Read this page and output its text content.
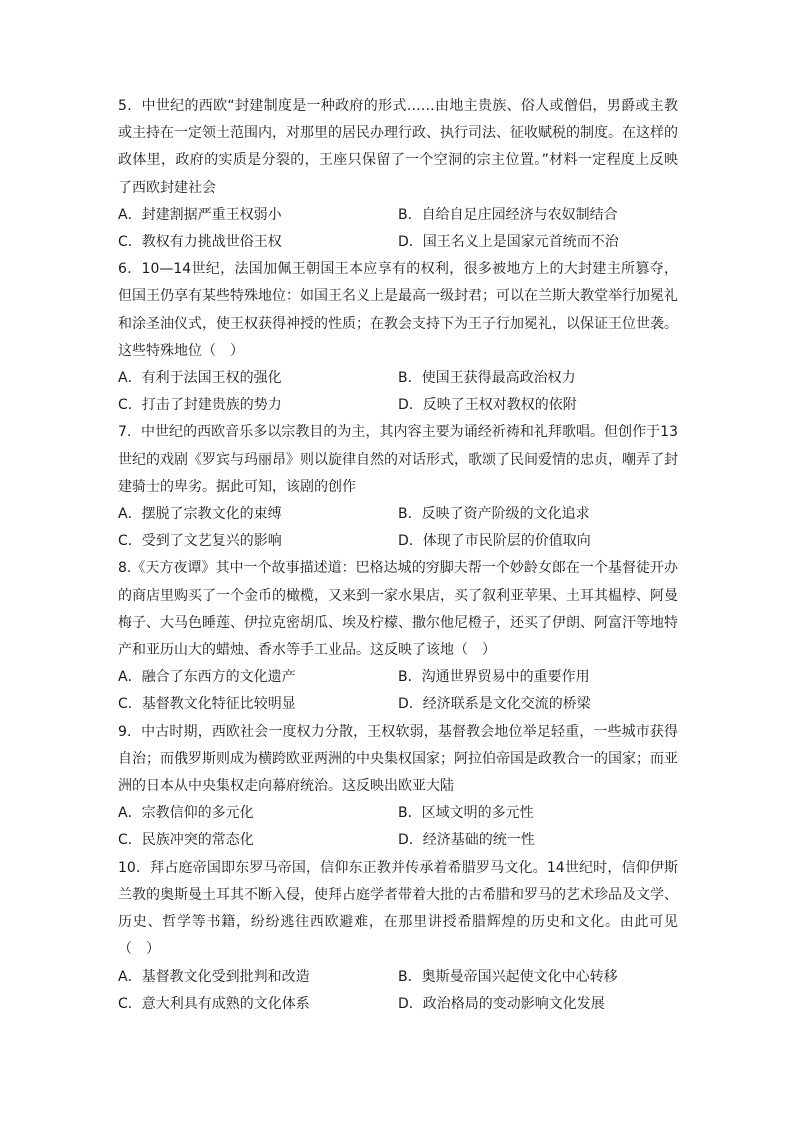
5．中世纪的西欧“封建制度是一种政府的形式……由地主贵族、俗人或僧侣，男爵或主教或主持在一定领土范围内，对那里的居民办理行政、执行司法、征收赋税的制度。在这样的政体里，政府的实质是分裂的，王座只保留了一个空洞的宗主位置。”材料一定程度上反映了西欧封建社会

A．封建割据严重王权弱小	B．自给自足庄园经济与农奴制结合
C．教权有力挑战世俗王权	D．国王名义上是国家元首统而不治

6．10—14世纪，法国加佩王朝国王本应享有的权利，很多被地方上的大封建主所篡夺，但国王仍享有某些特殊地位：如国王名义上是最高一级封君；可以在兰斯大教堂举行加冕礼和涂圣油仪式，使王权获得神授的性质；在教会支持下为王子行加冕礼，以保证王位世袭。这些特殊地位（　）

A．有利于法国王权的强化	B．使国王获得最高政治权力
C．打击了封建贵族的势力	D．反映了王权对教权的依附

7．中世纪的西欧音乐多以宗教目的为主，其内容主要为诵经祈祷和礼拜歌唱。但创作于13世纪的戏剧《罗宾与玛丽昂》则以旋律自然的对话形式，歌颂了民间爱情的忠贞，嘲弄了封建骑士的卑劣。据此可知，该剧的创作

A．摆脱了宗教文化的束缚	B．反映了资产阶级的文化追求
C．受到了文艺复兴的影响	D．体现了市民阶层的价值取向

8.《天方夜谭》其中一个故事描述道：巴格达城的穷脚夫帮一个妙龄女郎在一个基督徒开办的商店里购买了一个金币的橄榄，又来到一家水果店，买了叙利亚苹果、土耳其榅桲、阿曼梅子、大马色睡莲、伊拉克密胡瓜、埃及柠檬、撒尔他尼橙子，还买了伊朗、阿富汗等地特产和亚历山大的蜡烛、香水等手工业品。这反映了该地（　）

A．融合了东西方的文化遗产	B．沟通世界贸易中的重要作用
C．基督教文化特征比较明显	D．经济联系是文化交流的桥梁

9．中古时期，西欧社会一度权力分散，王权软弱，基督教会地位举足轻重，一些城市获得自治；而俄罗斯则成为横跨欧亚两洲的中央集权国家；阿拉伯帝国是政教合一的国家；而亚洲的日本从中央集权走向幕府统治。这反映出欧亚大陆

A．宗教信仰的多元化	B．区域文明的多元性
C．民族冲突的常态化	D．经济基础的统一性

10．拜占庭帝国即东罗马帝国，信仰东正教并传承着希腊罗马文化。14世纪时，信仰伊斯兰教的奥斯曼土耳其不断入侵，使拜占庭学者带着大批的古希腊和罗马的艺术珍品及文学、历史、哲学等书籍，纷纷逃往西欧避难，在那里讲授希腊辉煌的历史和文化。由此可见（　）

A．基督教文化受到批判和改造	B．奥斯曼帝国兴起使文化中心转移
C．意大利具有成熟的文化体系	D．政治格局的变动影响文化发展
